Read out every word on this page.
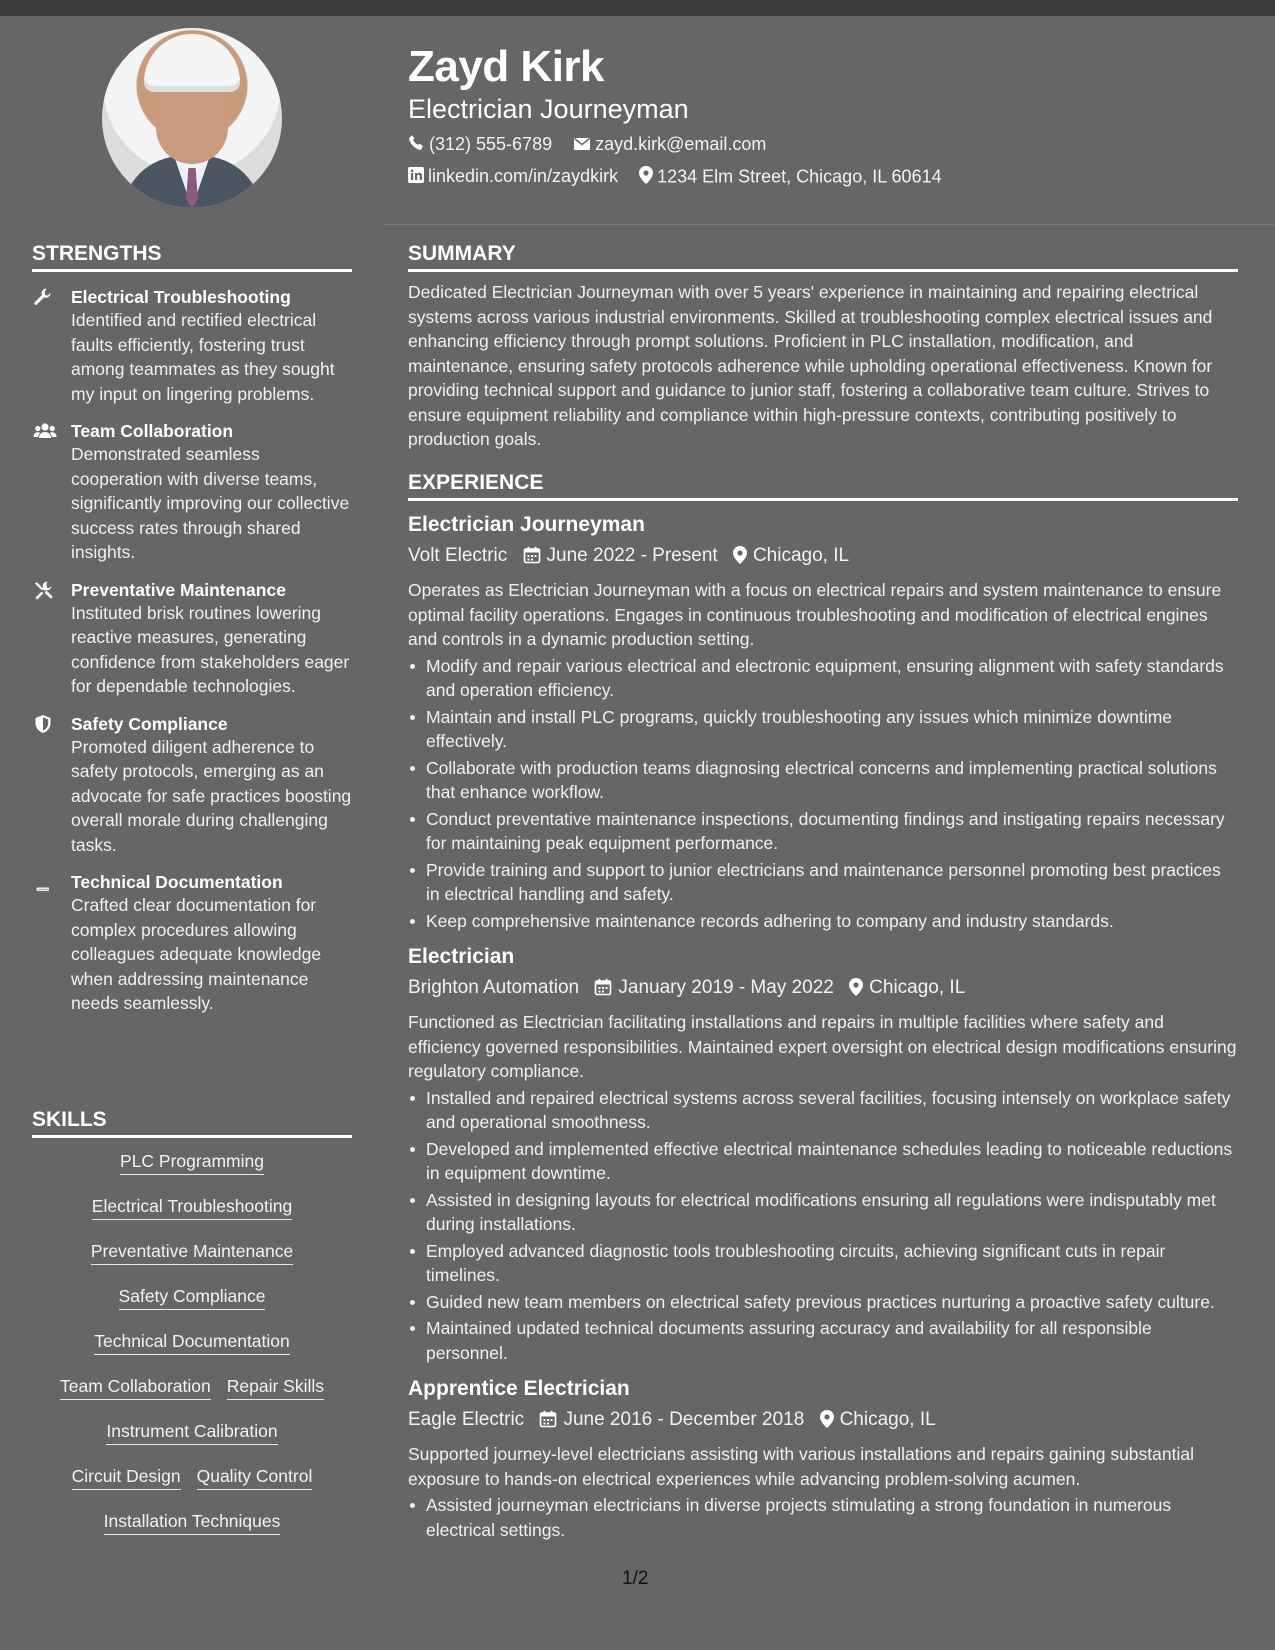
STRENGTHS
Electrical Troubleshooting
Identified and rectified electrical faults efficiently, fostering trust among teammates as they sought my input on lingering problems.
Team Collaboration
Demonstrated seamless cooperation with diverse teams, significantly improving our collective success rates through shared insights.
Preventative Maintenance
Instituted brisk routines lowering reactive measures, generating confidence from stakeholders eager for dependable technologies.
Safety Compliance
Promoted diligent adherence to safety protocols, emerging as an advocate for safe practices boosting overall morale during challenging tasks.
Technical Documentation
Crafted clear documentation for complex procedures allowing colleagues adequate knowledge when addressing maintenance needs seamlessly.
SKILLS
PLC Programming
Electrical Troubleshooting
Preventative Maintenance
Safety Compliance
Technical Documentation
Team Collaboration Repair Skills
Instrument Calibration
Circuit Design Quality Control
Installation Techniques
Zayd Kirk
Electrician Journeyman
(312) 555-6789 zayd.kirk@email.com
linkedin.com/in/zaydkirk 1234 Elm Street, Chicago, IL 60614
SUMMARY

Dedicated Electrician Journeyman with over 5 years' experience in maintaining and repairing electrical systems across various industrial environments. Skilled at troubleshooting complex electrical issues and enhancing efficiency through prompt solutions. Proficient in PLC installation, modification, and maintenance, ensuring safety protocols adherence while upholding operational effectiveness. Known for providing technical support and guidance to junior staff, fostering a collaborative team culture. Strives to ensure equipment reliability and compliance within high-pressure contexts, contributing positively to production goals.

EXPERIENCE
Electrician Journeyman
Volt Electric June 2022 - Present Chicago, IL

Operates as Electrician Journeyman with a focus on electrical repairs and system maintenance to ensure optimal facility operations. Engages in continuous troubleshooting and modification of electrical engines and controls in a dynamic production setting.

Modify and repair various electrical and electronic equipment, ensuring alignment with safety standards and operation efficiency.
Maintain and install PLC programs, quickly troubleshooting any issues which minimize downtime effectively.
Collaborate with production teams diagnosing electrical concerns and implementing practical solutions that enhance workflow.
Conduct preventative maintenance inspections, documenting findings and instigating repairs necessary for maintaining peak equipment performance.
Provide training and support to junior electricians and maintenance personnel promoting best practices in electrical handling and safety.
Keep comprehensive maintenance records adhering to company and industry standards.
Electrician
Brighton Automation January 2019 - May 2022 Chicago, IL

Functioned as Electrician facilitating installations and repairs in multiple facilities where safety and efficiency governed responsibilities. Maintained expert oversight on electrical design modifications ensuring regulatory compliance.

Installed and repaired electrical systems across several facilities, focusing intensely on workplace safety and operational smoothness.
Developed and implemented effective electrical maintenance schedules leading to noticeable reductions in equipment downtime.
Assisted in designing layouts for electrical modifications ensuring all regulations were indisputably met during installations.
Employed advanced diagnostic tools troubleshooting circuits, achieving significant cuts in repair timelines.
Guided new team members on electrical safety previous practices nurturing a proactive safety culture.
Maintained updated technical documents assuring accuracy and availability for all responsible personnel.
Apprentice Electrician
Eagle Electric June 2016 - December 2018 Chicago, IL

Supported journey-level electricians assisting with various installations and repairs gaining substantial exposure to hands-on electrical experiences while advancing problem-solving acumen.

Assisted journeyman electricians in diverse projects stimulating a strong foundation in numerous electrical settings.
1/2
